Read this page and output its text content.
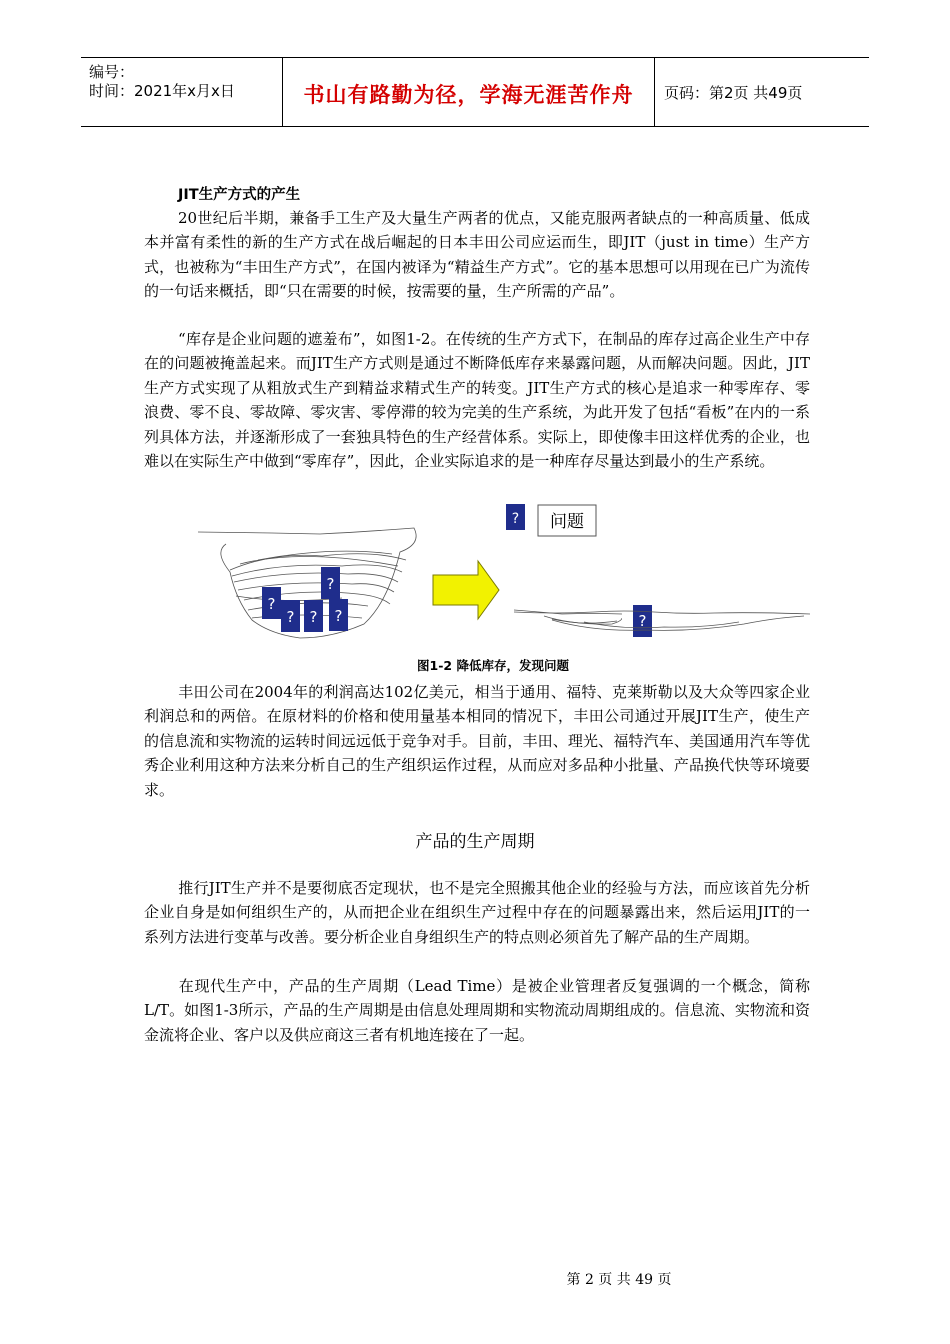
编号：
时间：2021年x月x日	书山有路勤为径，学海无涯苦作舟	页码：第2页 共49页
JIT生产方式的产生

20世纪后半期，兼备手工生产及大量生产两者的优点，又能克服两者缺点的一种高质量、低成本并富有柔性的新的生产方式在战后崛起的日本丰田公司应运而生，即JIT（just in time）生产方式，也被称为“丰田生产方式”，在国内被译为“精益生产方式”。它的基本思想可以用现在已广为流传的一句话来概括，即“只在需要的时候，按需要的量，生产所需的产品”。

“库存是企业问题的遮羞布”，如图1-2。在传统的生产方式下，在制品的库存过高企业生产中存在的问题被掩盖起来。而JIT生产方式则是通过不断降低库存来暴露问题，从而解决问题。因此，JIT生产方式实现了从粗放式生产到精益求精式生产的转变。JIT生产方式的核心是追求一种零库存、零浪费、零不良、零故障、零灾害、零停滞的较为完美的生产系统，为此开发了包括“看板”在内的一系列具体方法，并逐渐形成了一套独具特色的生产经营体系。实际上，即使像丰田这样优秀的企业，也难以在实际生产中做到“零库存”，因此，企业实际追求的是一种库存尽量达到最小的生产系统。

?
?
?
? ?
? 问题
?
图1-2 降低库存，发现问题

丰田公司在2004年的利润高达102亿美元，相当于通用、福特、克莱斯勒以及大众等四家企业利润总和的两倍。在原材料的价格和使用量基本相同的情况下，丰田公司通过开展JIT生产，使生产的信息流和实物流的运转时间远远低于竞争对手。目前，丰田、理光、福特汽车、美国通用汽车等优秀企业利用这种方法来分析自己的生产组织运作过程，从而应对多品种小批量、产品换代快等环境要求。

产品的生产周期

推行JIT生产并不是要彻底否定现状，也不是完全照搬其他企业的经验与方法，而应该首先分析企业自身是如何组织生产的，从而把企业在组织生产过程中存在的问题暴露出来，然后运用JIT的一系列方法进行变革与改善。要分析企业自身组织生产的特点则必须首先了解产品的生产周期。

在现代生产中，产品的生产周期（Lead Time）是被企业管理者反复强调的一个概念，简称L/T。如图1-3所示，产品的生产周期是由信息处理周期和实物流动周期组成的。信息流、实物流和资金流将企业、客户以及供应商这三者有机地连接在了一起。

第 2 页 共 49 页
